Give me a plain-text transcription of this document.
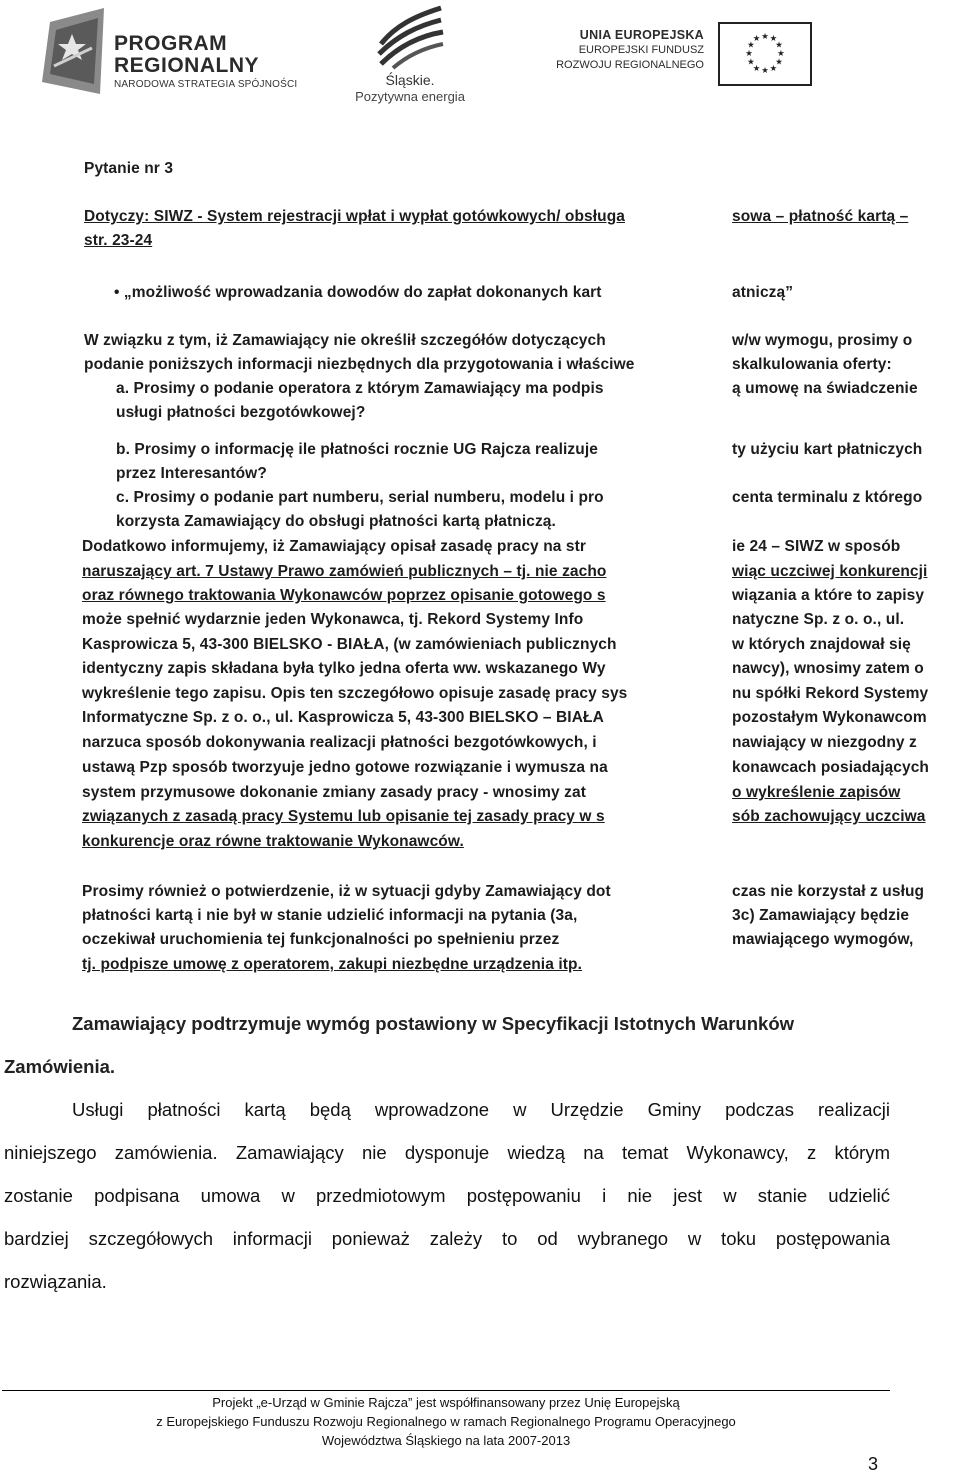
PROGRAM
REGIONALNY
NARODOWA STRATEGIA SPÓJNOŚCI	Śląskie.
Pozytywna energia
UNIA EUROPEJSKA
EUROPEJSKI FUNDUSZ
ROZWOJU REGIONALNEGO
★ ★
★
★
★
★
★
★
★
★
★
★
Pytanie nr 3
Dotyczy: SIWZ - System rejestracji wpłat i wypłat gotówkowych/ obsługa
str. 23-24
• „możliwość wprowadzania dowodów do zapłat dokonanych kart
W związku z tym, iż Zamawiający nie określił szczegółów dotyczących
podanie poniższych informacji niezbędnych dla przygotowania i właściwe
a. Prosimy o podanie operatora z którym Zamawiający ma podpis
usługi płatności bezgotówkowej?
b. Prosimy o informację ile płatności rocznie UG Rajcza realizuje
przez Interesantów?
c. Prosimy o podanie part numberu, serial numberu, modelu i pro
korzysta Zamawiający do obsługi płatności kartą płatniczą.
Dodatkowo informujemy, iż Zamawiający opisał zasadę pracy na str
naruszający art. 7 Ustawy Prawo zamówień publicznych – tj. nie zacho
oraz równego traktowania Wykonawców poprzez opisanie gotowego s
może spełnić wydarznie jeden Wykonawca, tj. Rekord Systemy Info
Kasprowicza 5, 43-300 BIELSKO - BIAŁA, (w zamówieniach publicznych
identyczny zapis składana była tylko jedna oferta ww. wskazanego Wy
wykreślenie tego zapisu. Opis ten szczegółowo opisuje zasadę pracy sys
Informatyczne Sp. z o. o., ul. Kasprowicza 5, 43-300 BIELSKO – BIAŁA
narzuca sposób dokonywania realizacji płatności bezgotówkowych, i
ustawą Pzp sposób tworzyuje jedno gotowe rozwiązanie i wymusza na
system przymusowe dokonanie zmiany zasady pracy - wnosimy zat
związanych z zasadą pracy Systemu lub opisanie tej zasady pracy w s
konkurencje oraz równe traktowanie Wykonawców.
Prosimy również o potwierdzenie, iż w sytuacji gdyby Zamawiający dot
płatności kartą i nie był w stanie udzielić informacji na pytania (3a,
oczekiwał uruchomienia tej funkcjonalności po spełnieniu przez
tj. podpisze umowę z operatorem, zakupi niezbędne urządzenia itp.
sowa – płatność kartą –
atniczą”
w/w wymogu, prosimy o
skalkulowania oferty:
ą umowę na świadczenie
ty użyciu kart płatniczych
centa terminalu z którego
ie 24 – SIWZ w sposób
wiąc uczciwej konkurencji
wiązania a które to zapisy
natyczne Sp. z o. o., ul.
w których znajdował się
nawcy), wnosimy zatem o
nu spółki Rekord Systemy
pozostałym Wykonawcom
nawiający w niezgodny z
konawcach posiadających
o wykreślenie zapisów
sób zachowujący uczciwa
czas nie korzystał z usług
3c) Zamawiający będzie
mawiającego wymogów,
Zamawiający podtrzymuje wymóg postawiony w Specyfikacji Istotnych Warunków
Zamówienia.
Usługi płatności kartą będą wprowadzone w Urzędzie Gminy podczas realizacji
niniejszego zamówienia. Zamawiający nie dysponuje wiedzą na temat Wykonawcy, z którym
zostanie podpisana umowa w przedmiotowym postępowaniu i nie jest w stanie udzielić
bardziej szczegółowych informacji ponieważ zależy to od wybranego w toku postępowania
rozwiązania.
Projekt „e-Urząd w Gminie Rajcza” jest współfinansowany przez Unię Europejską
z Europejskiego Funduszu Rozwoju Regionalnego w ramach Regionalnego Programu Operacyjnego
Województwa Śląskiego na lata 2007-2013
3
